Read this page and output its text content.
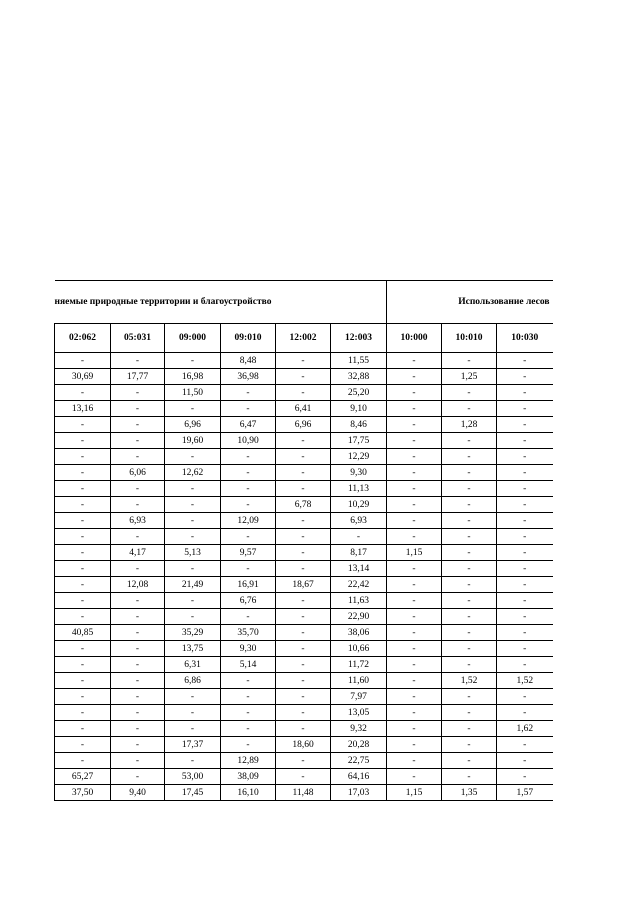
няемые природные территории и благоустройство						Использование лесов		
02:062	05:031	09:000	09:010	12:002	12:003	10:000	10:010	10:030
-	-	-	8,48	-	11,55	-	-	-
30,69	17,77	16,98	36,98	-	32,88	-	1,25	-
-	-	11,50	-	-	25,20	-	-	-
13,16	-	-	-	6,41	9,10	-	-	-
-	-	6,96	6,47	6,96	8,46	-	1,28	-
-	-	19,60	10,90	-	17,75	-	-	-
-	-	-	-	-	12,29	-	-	-
-	6,06	12,62	-	-	9,30	-	-	-
-	-	-	-	-	11,13	-	-	-
-	-	-	-	6,78	10,29	-	-	-
-	6,93	-	12,09	-	6,93	-	-	-
-	-	-	-	-	-	-	-	-
-	4,17	5,13	9,57	-	8,17	1,15	-	-
-	-	-	-	-	13,14	-	-	-
-	12,08	21,49	16,91	18,67	22,42	-	-	-
-	-	-	6,76	-	11,63	-	-	-
-	-	-	-	-	22,90	-	-	-
40,85	-	35,29	35,70	-	38,06	-	-	-
-	-	13,75	9,30	-	10,66	-	-	-
-	-	6,31	5,14	-	11,72	-	-	-
-	-	6,86	-	-	11,60	-	1,52	1,52
-	-	-	-	-	7,97	-	-	-
-	-	-	-	-	13,05	-	-	-
-	-	-	-	-	9,32	-	-	1,62
-	-	17,37	-	18,60	20,28	-	-	-
-	-	-	12,89	-	22,75	-	-	-
65,27	-	53,00	38,09	-	64,16	-	-	-
37,50	9,40	17,45	16,10	11,48	17,03	1,15	1,35	1,57
